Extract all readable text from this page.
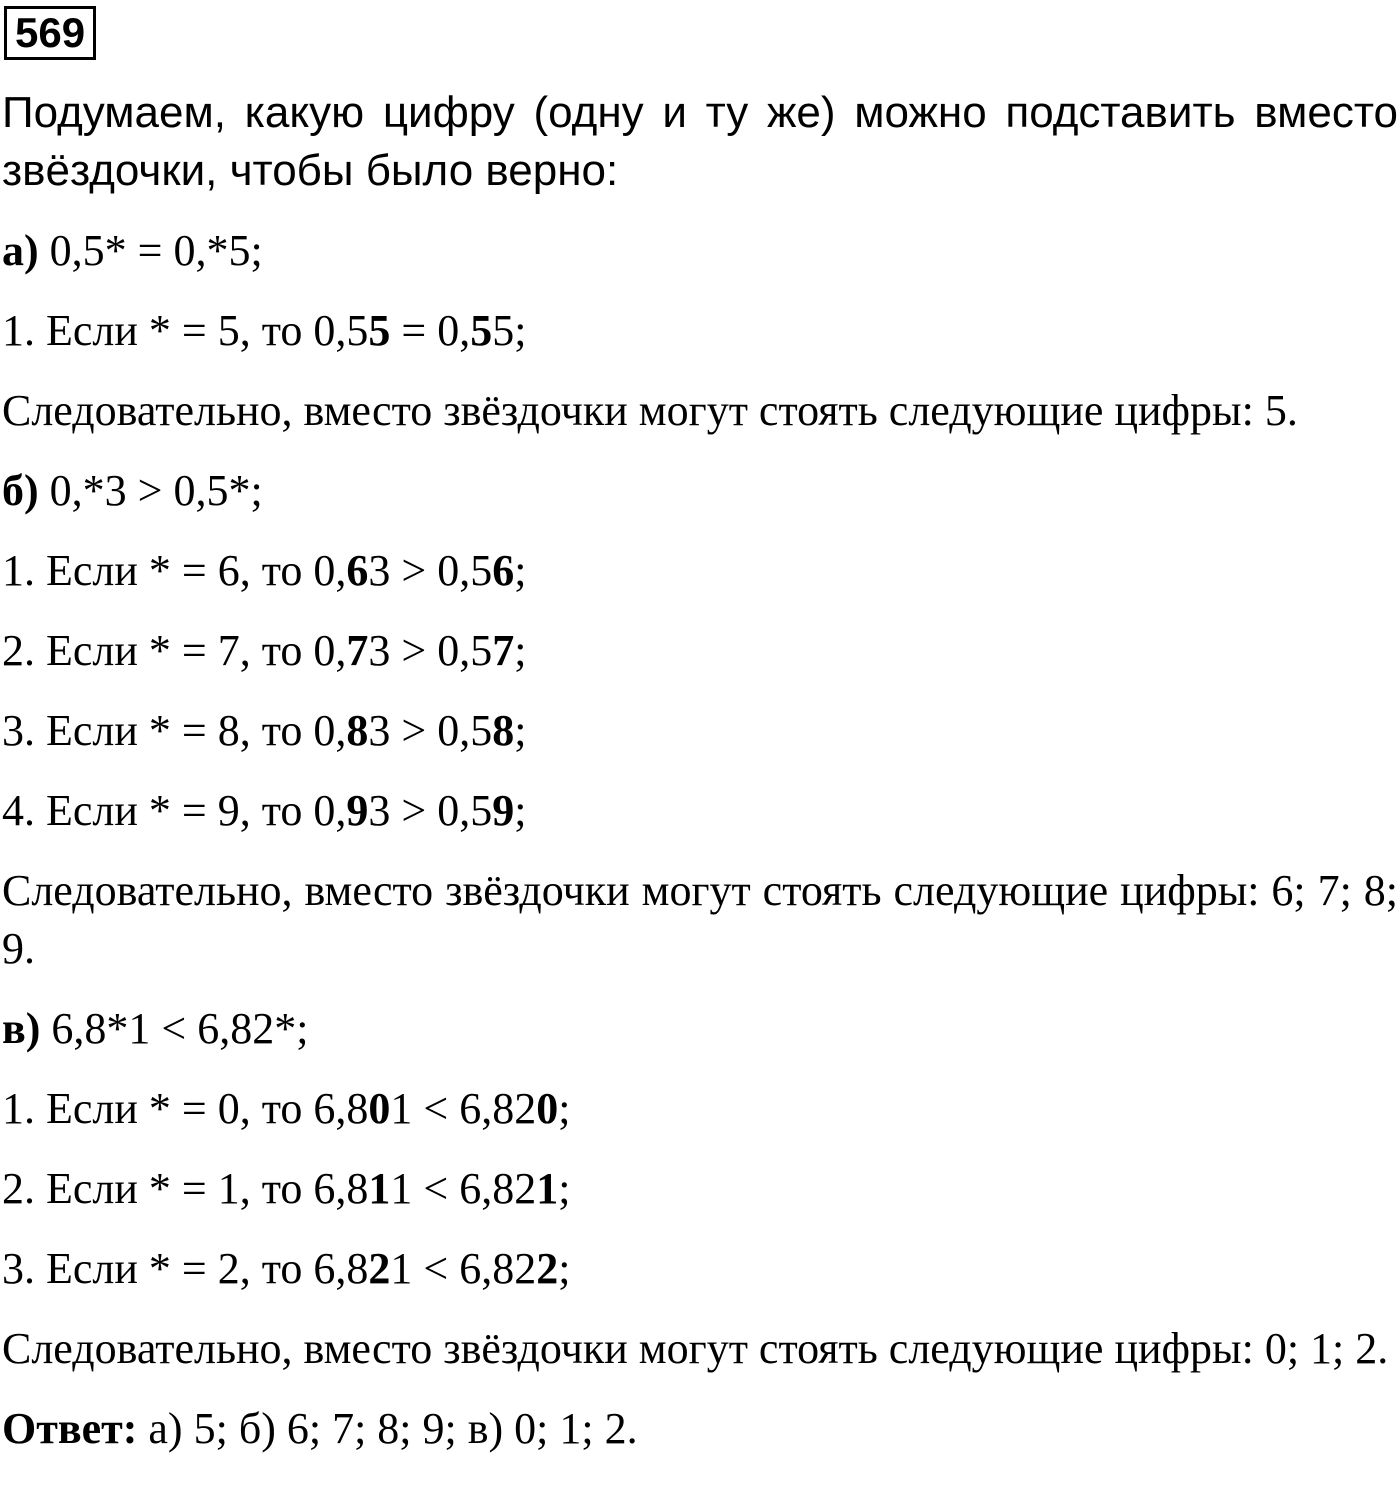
569

Подумаем, какую цифру (одну и ту же) можно подставить вместо звёздочки, чтобы было верно:

а) 0,5* = 0,*5;

1. Если * = 5, то 0,55 = 0,55;

Следовательно, вместо звёздочки могут стоять следующие цифры: 5.

б) 0,*3 > 0,5*;

1. Если * = 6, то 0,63 > 0,56;

2. Если * = 7, то 0,73 > 0,57;

3. Если * = 8, то 0,83 > 0,58;

4. Если * = 9, то 0,93 > 0,59;

Следовательно, вместо звёздочки могут стоять следующие цифры: 6; 7; 8; 9.

в) 6,8*1 < 6,82*;

1. Если * = 0, то 6,801 < 6,820;

2. Если * = 1, то 6,811 < 6,821;

3. Если * = 2, то 6,821 < 6,822;

Следовательно, вместо звёздочки могут стоять следующие цифры: 0; 1; 2.

Ответ: а) 5; б) 6; 7; 8; 9; в) 0; 1; 2.
